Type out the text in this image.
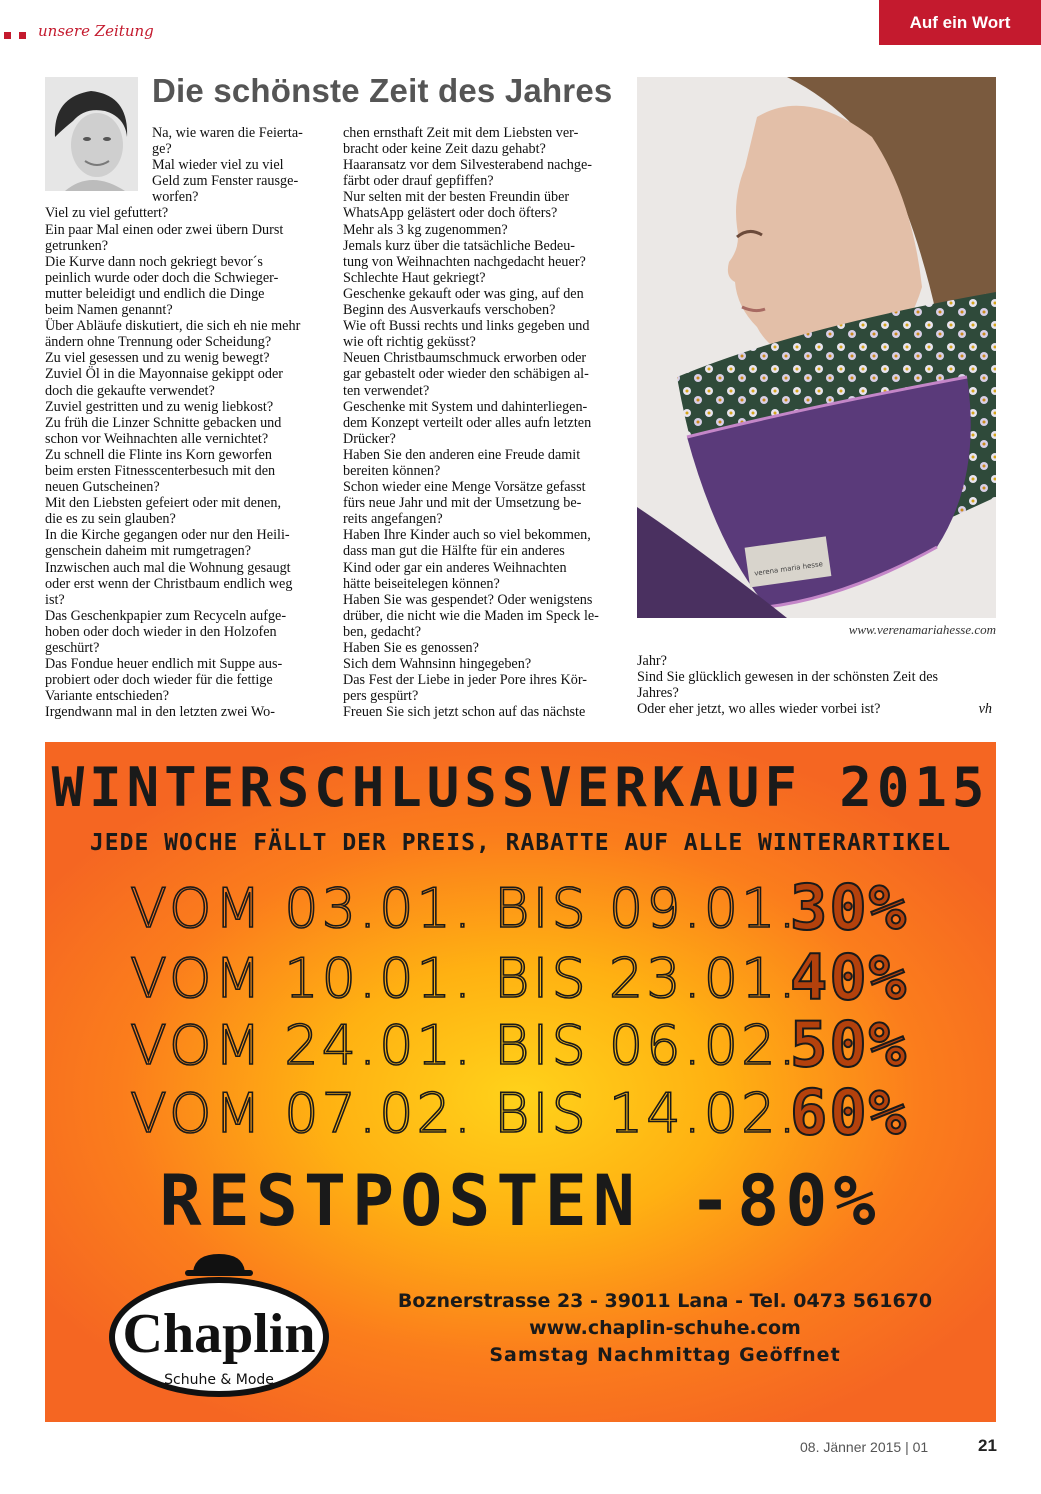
unsere Zeitung	Auf ein Wort
Die schönste Zeit des Jahres

Na, wie waren die Feierta-

ge?

Mal wieder viel zu viel

Geld zum Fenster rausge-

worfen?

Viel zu viel gefuttert?

Ein paar Mal einen oder zwei übern Durst

getrunken?

Die Kurve dann noch gekriegt bevor´s

peinlich wurde oder doch die Schwieger-

mutter beleidigt und endlich die Dinge

beim Namen genannt?

Über Abläufe diskutiert, die sich eh nie mehr

ändern ohne Trennung oder Scheidung?

Zu viel gesessen und zu wenig bewegt?

Zuviel Öl in die Mayonnaise gekippt oder

doch die gekaufte verwendet?

Zuviel gestritten und zu wenig liebkost?

Zu früh die Linzer Schnitte gebacken und

schon vor Weihnachten alle vernichtet?

Zu schnell die Flinte ins Korn geworfen

beim ersten Fitnesscenterbesuch mit den

neuen Gutscheinen?

Mit den Liebsten gefeiert oder mit denen,

die es zu sein glauben?

In die Kirche gegangen oder nur den Heili-

genschein daheim mit rumgetragen?

Inzwischen auch mal die Wohnung gesaugt

oder erst wenn der Christbaum endlich weg

ist?

Das Geschenkpapier zum Recyceln aufge-

hoben oder doch wieder in den Holzofen

geschürt?

Das Fondue heuer endlich mit Suppe aus-

probiert oder doch wieder für die fettige

Variante entschieden?

Irgendwann mal in den letzten zwei Wo-

chen ernsthaft Zeit mit dem Liebsten ver-

bracht oder keine Zeit dazu gehabt?

Haaransatz vor dem Silvesterabend nachge-

färbt oder drauf gepfiffen?

Nur selten mit der besten Freundin über

WhatsApp gelästert oder doch öfters?

Mehr als 3 kg zugenommen?

Jemals kurz über die tatsächliche Bedeu-

tung von Weihnachten nachgedacht heuer?

Schlechte Haut gekriegt?

Geschenke gekauft oder was ging, auf den

Beginn des Ausverkaufs verschoben?

Wie oft Bussi rechts und links gegeben und

wie oft richtig geküsst?

Neuen Christbaumschmuck erworben oder

gar gebastelt oder wieder den schäbigen al-

ten verwendet?

Geschenke mit System und dahinterliegen-

dem Konzept verteilt oder alles aufn letzten

Drücker?

Haben Sie den anderen eine Freude damit

bereiten können?

Schon wieder eine Menge Vorsätze gefasst

fürs neue Jahr und mit der Umsetzung be-

reits angefangen?

Haben Ihre Kinder auch so viel bekommen,

dass man gut die Hälfte für ein anderes

Kind oder gar ein anderes Weihnachten

hätte beiseitelegen können?

Haben Sie was gespendet? Oder wenigstens

drüber, die nicht wie die Maden im Speck le-

ben, gedacht?

Haben Sie es genossen?

Sich dem Wahnsinn hingegeben?

Das Fest der Liebe in jeder Pore ihres Kör-

pers gespürt?

Freuen Sie sich jetzt schon auf das nächste

verena maria hesse
www.verenamariahesse.com

Jahr?

Sind Sie glücklich gewesen in der schönsten Zeit des

Jahres?

Oder eher jetzt, wo alles wieder vorbei ist?	vh

WINTERSCHLUSSVERKAUF 2015
JEDE WOCHE FÄLLT DER PREIS, RABATTE AUF ALLE WINTERARTIKEL
VOM 03.01. BIS 09.01.30%
VOM 10.01. BIS 23.01.40%
VOM 24.01. BIS 06.02.50%
VOM 07.02. BIS 14.02.60%
RESTPOSTEN -80%
Chaplin
Schuhe & Mode
Boznerstrasse 23 - 39011 Lana - Tel. 0473 561670
www.chaplin-schuhe.com
Samstag Nachmittag Geöffnet
08. Jänner 2015 | 01	21
